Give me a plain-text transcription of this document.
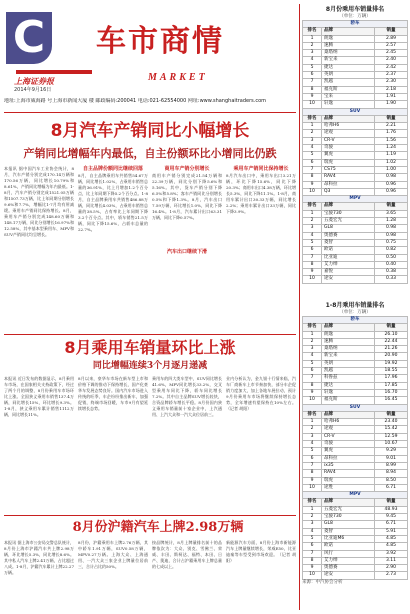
C
上海证券报
车市商情
MARKET
2014年9月16日
地址:上海市威海路 号上海市新闻大厦 楼 邮政编码:200041 电话:021-62554000 网址:www.shanghaitraders.com
8月汽车产销同比小幅增长
产销同比增幅年内最低，自主份额环比小增同比仍跌
本报讯 据中国汽车工业协会统计，8月，汽车产销分别完成170.14万辆和170.56万辆，同比增长10.79%和8.61%，产销同比增幅为年内最低。1-8月，汽车产销分别完成1521.05万辆和1507.73万辆，比上年同期分别增长9.6%和7.7%，增幅比1-7月均有所减缓。乘用车产销同比保持增长。8月，乘用车产销分别完成148.60万辆和148.17万辆，同比分别增长16.97%和12.58%，其中基本型乘用车、MPV和SUV产销同比均呈增长。
自主品牌份额同比继续回落
8月，自主品牌乘用车共销售54.67万辆，同比增长1.02%，占乘用车销售总量的36.91%，比上月增加1.2个百分点，比上年同期下降5.2个百分点。1-8月，自主品牌乘用车共销售486.88万辆，同比增长4.03%，占乘用车销售总量的38.5%，占有率比上年同期下降3.2个百分点。其中，轿车销售21.5万辆，同比下降15.6%，占轿车总量的22.7%。
商用车产销分别增长
商用车产销分别完成21.54万辆和22.39万辆，同比分别下降5.6%和5.16%。其中，货车产销分别下降6.5%和5.8%；客车产销同比分别增长0.5%和下降1.3%。8月，汽车出口7.59万辆，环比增长1.0%，同比下降16.4%。1-8月，汽车累计出口63.31万辆，同比下降0.57%。
汽车出口继续下滑
乘用车产销同比保持增长
8月汽车出口中，乘用车出口3.21万辆，环比下降15.6%，同比下降20.3%；商用车出口4.38万辆，环比增长5.3%，同比下降11.1%。1-8月，商用车累计出口30.33万辆，同比增长2.2%；乘用车累计出口33万辆，同比下降3.9%。
8月乘用车销量环比上涨
同比增幅连续3个月逐月递减
本报讯 近日发布的数据显示，8月乘用车市场，在国家相关支持政策下，经过了两个月的调整，8月份乘用车市场环比上涨。全国狭义乘用车销售137.4万辆，同比增长15%，环比增长9.3%。1-8月，狭义乘用车累计销售1112万辆，同比增长11%。
8月以来，豪华车市场在新车型上市和价格下调的推动下保持增长，国产化豪华车发展态势良好。国内汽车市场进入传统的旺季，车企纷纷推出新车，加强促销，终端市场回暖，车市9月有望延续增长态势。
乘用车的四大类车型中，SUV同比增长41.6%，MPV同比增长33.2%，交叉型乘用车同比下降，轿车同比增长7.2%。其中自主品牌SUV增长较快，合资品牌轿车增长平稳。8月份国内狭义乘用车销量前十家企业中，上汽通用、上汽大众和一汽大众位居前三。
业内分析认为，金九银十行情来临，汽车厂商新车上市节奏加快，部分车企促销力度加大，加上各地车展拉动，预计9月份乘用车市场将继续保持增长态势，全年增速有望保持在10%左右。（记者 胡阳）
8月份沪籍汽车上牌2.98万辆
本报讯 据上海市公安局交警总队统计，8月份上海市沪籍汽车共上牌2.98万辆，环比增长5.3%，同比增长8.6%。其中私人汽车上牌2.41万辆，占比超过八成。1-8月，沪籍汽车累计上牌22.27万辆。
8月份，沪籍乘用车上牌2.76万辆，其中轿车1.91万辆，SUV0.58万辆，MPV0.27万辆。上海大众、上海通用、一汽大众三家企业上牌量位居前三，合计占比约50%。
按品牌统计，8月上牌量排名前十的品牌依次为：大众、别克、雪佛兰、荣威、丰田、斯柯达、福特、本田、日产、奥迪，合计占沪籍乘用车上牌总量的七成以上。
新能源汽车方面，8月份上海市新能源汽车上牌量继续增长，荣威E50、比亚迪秦等车型受到市场欢迎。（记者 胡阳）
8月份乘用车销量排名
（单位：万辆）
轿车		
排名	品牌	销量
1	朗逸	2.89
2	速腾	2.57
3	桑塔纳	2.45
4	新宝来	2.40
5	捷达	2.42
6	英朗	2.37
7	凯越	2.30
8	福克斯	2.18
9	宝来	1.91
10	轩逸	1.90
SUV		
排名	品牌	销量
1	哈弗H6	2.21
2	途观	1.76
3	CR-V	1.56
4	奇骏	1.24
5	翼虎	1.19
6	瑞虎	1.02
7	CS75	1.00
8	RAV4	0.98
9	昂科拉	0.96
10	Q3	0.96
MPV		
排名	品牌	销量
1	宝骏730	3.65
2	五菱宏光	1.28
3	GL8	0.98
4	奥德赛	0.98
5	菱智	0.75
6	欧诺	0.82
7	比亚迪	0.50
8	艾力绅	0.40
9	嘉悦	0.38
10	途安	0.33
1-8月乘用车销量排名
（单位：万辆）
轿车		
排名	品牌	销量
1	朗逸	26.10
2	速腾	22.44
3	桑塔纳	21.26
4	新宝来	20.90
5	英朗	19.92
6	凯越	18.55
7	科鲁兹	17.96
8	捷达	17.85
9	轩逸	16.70
10	福克斯	16.45
SUV		
排名	品牌	销量
1	哈弗H6	23.40
2	途观	15.42
3	CR-V	12.59
4	奇骏	10.67
5	翼虎	9.29
6	昂科拉	9.01
7	ix35	8.99
8	RAV4	8.94
9	瑞虎	8.50
10	途胜	6.71
MPV		
排名	品牌	销量
1	五菱宏光	48.93
2	宝骏730	9.45
3	GL8	6.71
4	菱智	5.91
5	比亚迪M6	4.85
6	欧诺	4.85
7	风行	3.92
8	艾力绅	3.11
9	奥德赛	2.90
10	途安	2.73
来源：中汽协会分析
